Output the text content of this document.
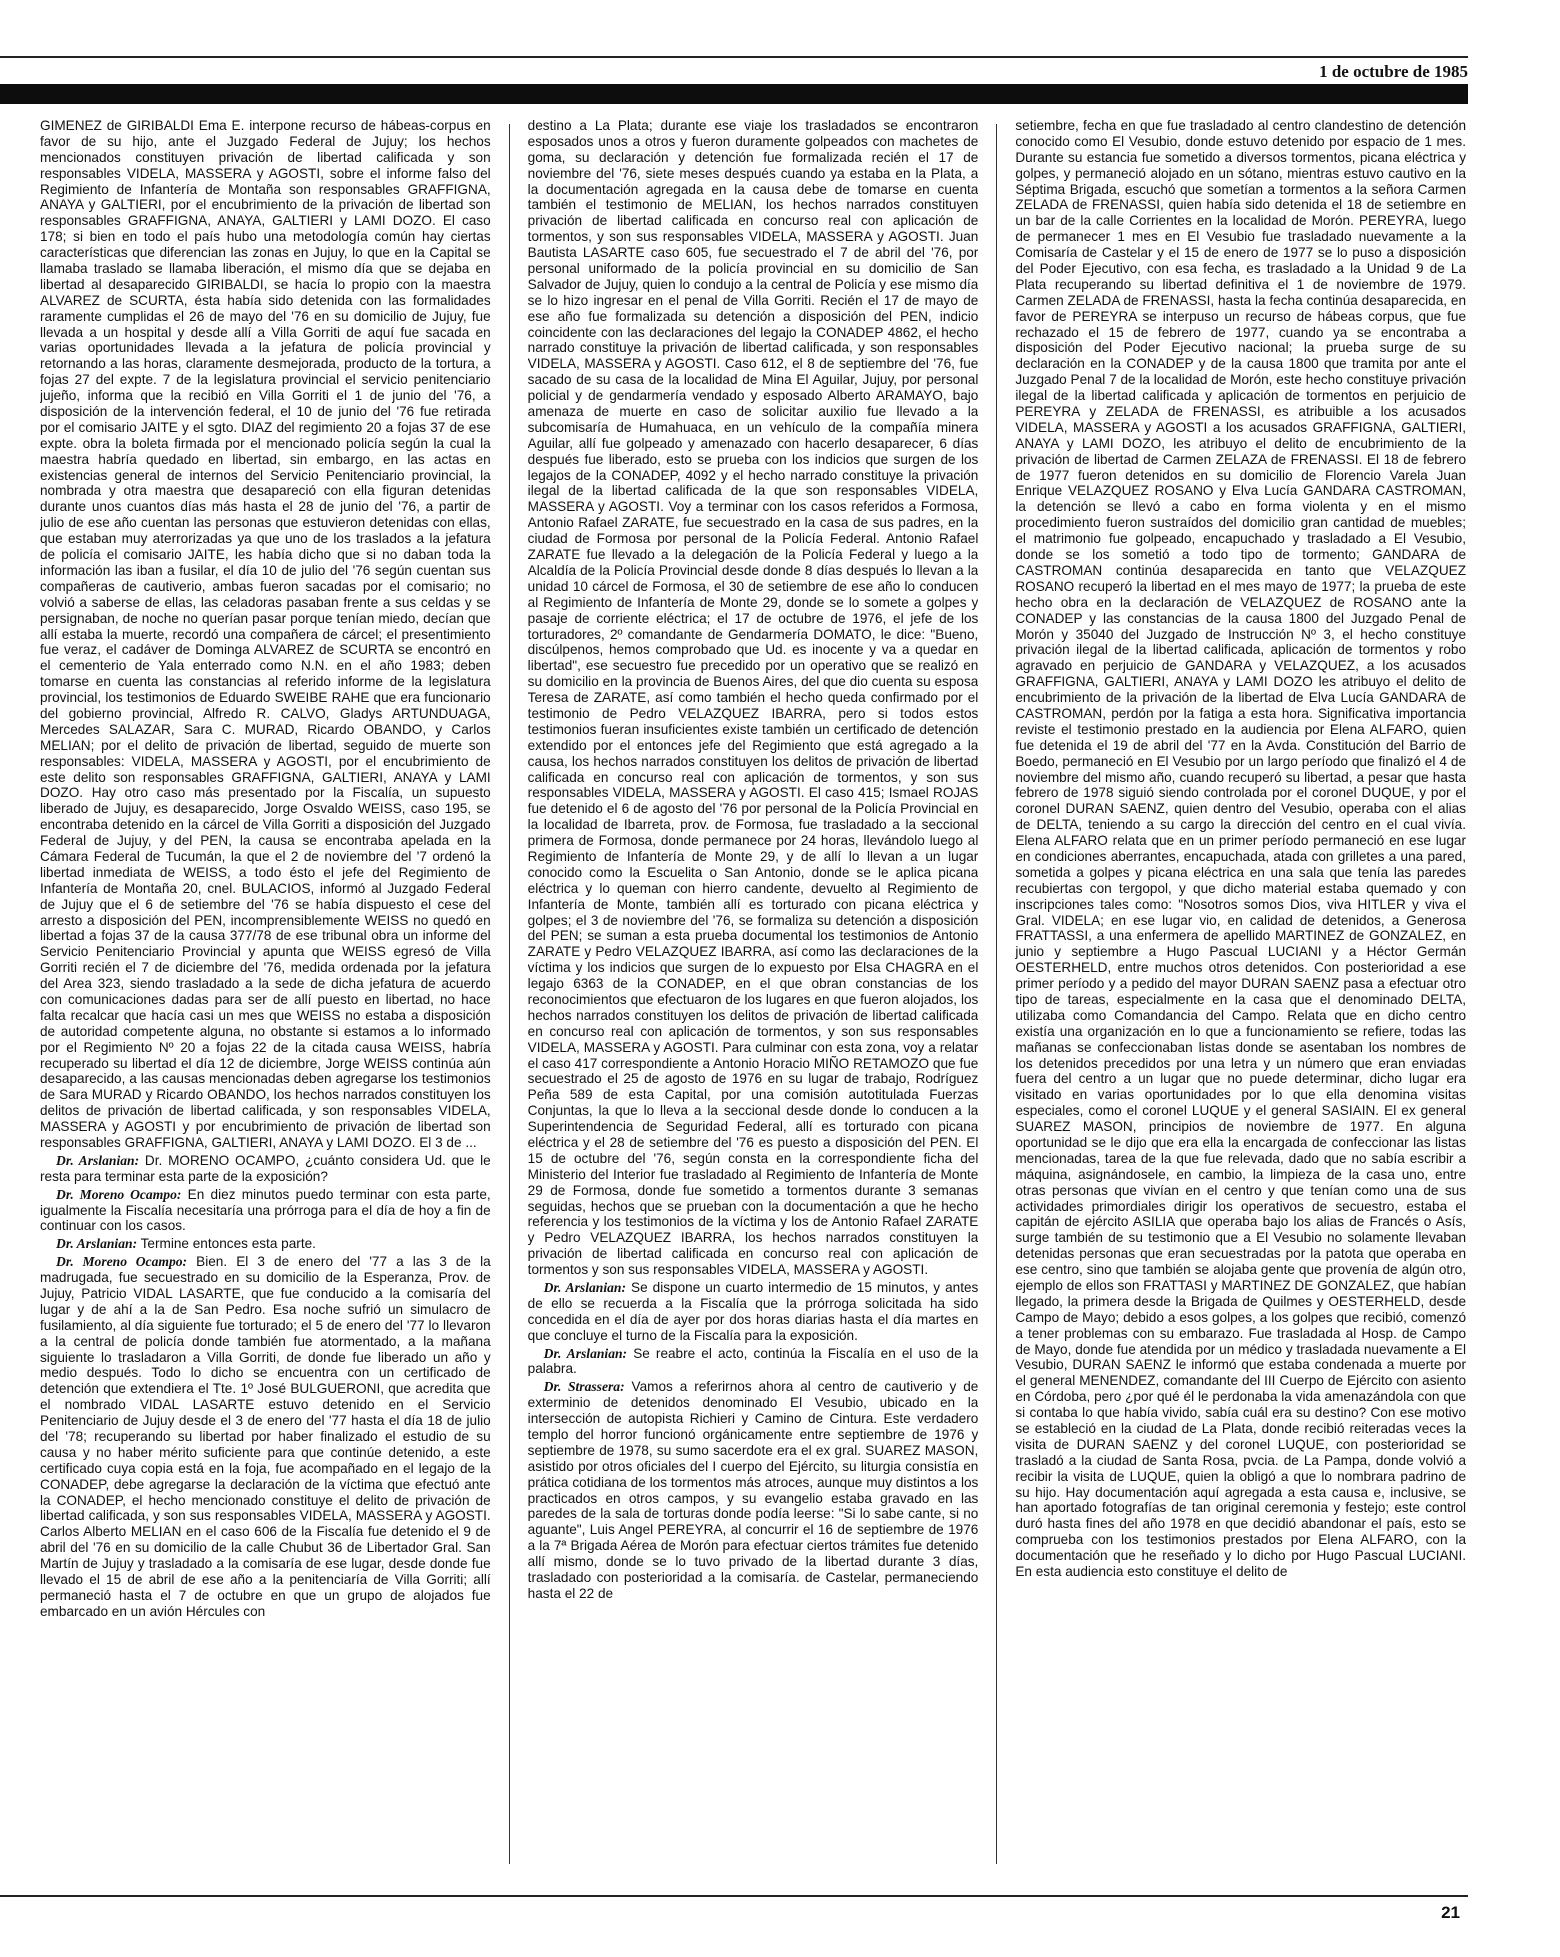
1 de octubre de 1985

GIMENEZ de GIRIBALDI Ema E. interpone recurso de hábeas-corpus en favor de su hijo, ante el Juzgado Federal de Jujuy; los hechos mencionados constituyen privación de libertad calificada y son responsables VIDELA, MASSERA y AGOSTI, sobre el informe falso del Regimiento de Infantería de Montaña son responsables GRAFFIGNA, ANAYA y GALTIERI, por el encubrimiento de la privación de libertad son responsables GRAFFIGNA, ANAYA, GALTIERI y LAMI DOZO. El caso 178; si bien en todo el país hubo una metodología común hay ciertas características que diferencian las zonas en Jujuy, lo que en la Capital se llamaba traslado se llamaba liberación, el mismo día que se dejaba en libertad al desaparecido GIRIBALDI, se hacía lo propio con la maestra ALVAREZ de SCURTA, ésta había sido detenida con las formalidades raramente cumplidas el 26 de mayo del '76 en su domicilio de Jujuy, fue llevada a un hospital y desde allí a Villa Gorriti de aquí fue sacada en varias oportunidades llevada a la jefatura de policía provincial y retornando a las horas, claramente desmejorada, producto de la tortura, a fojas 27 del expte. 7 de la legislatura provincial el servicio penitenciario jujeño, informa que la recibió en Villa Gorriti el 1 de junio del '76, a disposición de la intervención federal, el 10 de junio del '76 fue retirada por el comisario JAITE y el sgto. DIAZ del regimiento 20 a fojas 37 de ese expte. obra la boleta firmada por el mencionado policía según la cual la maestra habría quedado en libertad, sin embargo, en las actas en existencias general de internos del Servicio Penitenciario provincial, la nombrada y otra maestra que desapareció con ella figuran detenidas durante unos cuantos días más hasta el 28 de junio del '76, a partir de julio de ese año cuentan las personas que estuvieron detenidas con ellas, que estaban muy aterrorizadas ya que uno de los traslados a la jefatura de policía el comisario JAITE, les había dicho que si no daban toda la información las iban a fusilar, el día 10 de julio del '76 según cuentan sus compañeras de cautiverio, ambas fueron sacadas por el comisario; no volvió a saberse de ellas, las celadoras pasaban frente a sus celdas y se persignaban, de noche no querían pasar porque tenían miedo, decían que allí estaba la muerte, recordó una compañera de cárcel; el presentimiento fue veraz, el cadáver de Dominga ALVAREZ de SCURTA se encontró en el cementerio de Yala enterrado como N.N. en el año 1983; deben tomarse en cuenta las constancias al referido informe de la legislatura provincial, los testimonios de Eduardo SWEIBE RAHE que era funcionario del gobierno provincial, Alfredo R. CALVO, Gladys ARTUNDUAGA, Mercedes SALAZAR, Sara C. MURAD, Ricardo OBANDO, y Carlos MELIAN; por el delito de privación de libertad, seguido de muerte son responsables: VIDELA, MASSERA y AGOSTI, por el encubrimiento de este delito son responsables GRAFFIGNA, GALTIERI, ANAYA y LAMI DOZO. Hay otro caso más presentado por la Fiscalía, un supuesto liberado de Jujuy, es desaparecido, Jorge Osvaldo WEISS, caso 195, se encontraba detenido en la cárcel de Villa Gorriti a disposición del Juzgado Federal de Jujuy, y del PEN, la causa se encontraba apelada en la Cámara Federal de Tucumán, la que el 2 de noviembre del '7 ordenó la libertad inmediata de WEISS, a todo ésto el jefe del Regimiento de Infantería de Montaña 20, cnel. BULACIOS, informó al Juzgado Federal de Jujuy que el 6 de setiembre del '76 se había dispuesto el cese del arresto a disposición del PEN, incomprensiblemente WEISS no quedó en libertad a fojas 37 de la causa 377/78 de ese tribunal obra un informe del Servicio Penitenciario Provincial y apunta que WEISS egresó de Villa Gorriti recién el 7 de diciembre del '76, medida ordenada por la jefatura del Area 323, siendo trasladado a la sede de dicha jefatura de acuerdo con comunicaciones dadas para ser de allí puesto en libertad, no hace falta recalcar que hacía casi un mes que WEISS no estaba a disposición de autoridad competente alguna, no obstante si estamos a lo informado por el Regimiento Nº 20 a fojas 22 de la citada causa WEISS, habría recuperado su libertad el día 12 de diciembre, Jorge WEISS continúa aún desaparecido, a las causas mencionadas deben agregarse los testimonios de Sara MURAD y Ricardo OBANDO, los hechos narrados constituyen los delitos de privación de libertad calificada, y son responsables VIDELA, MASSERA y AGOSTI y por encubrimiento de privación de libertad son responsables GRAFFIGNA, GALTIERI, ANAYA y LAMI DOZO. El 3 de ...

Dr. Arslanian: Dr. MORENO OCAMPO, ¿cuánto considera Ud. que le resta para terminar esta parte de la exposición?

Dr. Moreno Ocampo: En diez minutos puedo terminar con esta parte, igualmente la Fiscalía necesitaría una prórroga para el día de hoy a fin de continuar con los casos.

Dr. Arslanian: Termine entonces esta parte.

Dr. Moreno Ocampo: Bien. El 3 de enero del '77 a las 3 de la madrugada, fue secuestrado en su domicilio de la Esperanza, Prov. de Jujuy, Patricio VIDAL LASARTE, que fue conducido a la comisaría del lugar y de ahí a la de San Pedro. Esa noche sufrió un simulacro de fusilamiento, al día siguiente fue torturado; el 5 de enero del '77 lo llevaron a la central de policía donde también fue atormentado, a la mañana siguiente lo trasladaron a Villa Gorriti, de donde fue liberado un año y medio después. Todo lo dicho se encuentra con un certificado de detención que extendiera el Tte. 1º José BULGUERONI, que acredita que el nombrado VIDAL LASARTE estuvo detenido en el Servicio Penitenciario de Jujuy desde el 3 de enero del '77 hasta el día 18 de julio del '78; recuperando su libertad por haber finalizado el estudio de su causa y no haber mérito suficiente para que continúe detenido, a este certificado cuya copia está en la foja, fue acompañado en el legajo de la CONADEP, debe agregarse la declaración de la víctima que efectuó ante la CONADEP, el hecho mencionado constituye el delito de privación de libertad calificada, y son sus responsables VIDELA, MASSERA y AGOSTI. Carlos Alberto MELIAN en el caso 606 de la Fiscalía fue detenido el 9 de abril del '76 en su domicilio de la calle Chubut 36 de Libertador Gral. San Martín de Jujuy y trasladado a la comisaría de ese lugar, desde donde fue llevado el 15 de abril de ese año a la penitenciaría de Villa Gorriti; allí permaneció hasta el 7 de octubre en que un grupo de alojados fue embarcado en un avión Hércules con

destino a La Plata; durante ese viaje los trasladados se encontraron esposados unos a otros y fueron duramente golpeados con machetes de goma, su declaración y detención fue formalizada recién el 17 de noviembre del '76, siete meses después cuando ya estaba en la Plata, a la documentación agregada en la causa debe de tomarse en cuenta también el testimonio de MELIAN, los hechos narrados constituyen privación de libertad calificada en concurso real con aplicación de tormentos, y son sus responsables VIDELA, MASSERA y AGOSTI. Juan Bautista LASARTE caso 605, fue secuestrado el 7 de abril del '76, por personal uniformado de la policía provincial en su domicilio de San Salvador de Jujuy, quien lo condujo a la central de Policía y ese mismo día se lo hizo ingresar en el penal de Villa Gorriti. Recién el 17 de mayo de ese año fue formalizada su detención a disposición del PEN, indicio coincidente con las declaraciones del legajo la CONADEP 4862, el hecho narrado constituye la privación de libertad calificada, y son responsables VIDELA, MASSERA y AGOSTI. Caso 612, el 8 de septiembre del '76, fue sacado de su casa de la localidad de Mina El Aguilar, Jujuy, por personal policial y de gendarmería vendado y esposado Alberto ARAMAYO, bajo amenaza de muerte en caso de solicitar auxilio fue llevado a la subcomisaría de Humahuaca, en un vehículo de la compañía minera Aguilar, allí fue golpeado y amenazado con hacerlo desaparecer, 6 días después fue liberado, esto se prueba con los indicios que surgen de los legajos de la CONADEP, 4092 y el hecho narrado constituye la privación ilegal de la libertad calificada de la que son responsables VIDELA, MASSERA y AGOSTI. Voy a terminar con los casos referidos a Formosa, Antonio Rafael ZARATE, fue secuestrado en la casa de sus padres, en la ciudad de Formosa por personal de la Policía Federal. Antonio Rafael ZARATE fue llevado a la delegación de la Policía Federal y luego a la Alcaldía de la Policía Provincial desde donde 8 días después lo llevan a la unidad 10 cárcel de Formosa, el 30 de setiembre de ese año lo conducen al Regimiento de Infantería de Monte 29, donde se lo somete a golpes y pasaje de corriente eléctrica; el 17 de octubre de 1976, el jefe de los torturadores, 2º comandante de Gendarmería DOMATO, le dice: "Bueno, discúlpenos, hemos comprobado que Ud. es inocente y va a quedar en libertad", ese secuestro fue precedido por un operativo que se realizó en su domicilio en la provincia de Buenos Aires, del que dio cuenta su esposa Teresa de ZARATE, así como también el hecho queda confirmado por el testimonio de Pedro VELAZQUEZ IBARRA, pero si todos estos testimonios fueran insuficientes existe también un certificado de detención extendido por el entonces jefe del Regimiento que está agregado a la causa, los hechos narrados constituyen los delitos de privación de libertad calificada en concurso real con aplicación de tormentos, y son sus responsables VIDELA, MASSERA y AGOSTI. El caso 415; Ismael ROJAS fue detenido el 6 de agosto del '76 por personal de la Policía Provincial en la localidad de Ibarreta, prov. de Formosa, fue trasladado a la seccional primera de Formosa, donde permanece por 24 horas, llevándolo luego al Regimiento de Infantería de Monte 29, y de allí lo llevan a un lugar conocido como la Escuelita o San Antonio, donde se le aplica picana eléctrica y lo queman con hierro candente, devuelto al Regimiento de Infantería de Monte, también allí es torturado con picana eléctrica y golpes; el 3 de noviembre del '76, se formaliza su detención a disposición del PEN; se suman a esta prueba documental los testimonios de Antonio ZARATE y Pedro VELAZQUEZ IBARRA, así como las declaraciones de la víctima y los indicios que surgen de lo expuesto por Elsa CHAGRA en el legajo 6363 de la CONADEP, en el que obran constancias de los reconocimientos que efectuaron de los lugares en que fueron alojados, los hechos narrados constituyen los delitos de privación de libertad calificada en concurso real con aplicación de tormentos, y son sus responsables VIDELA, MASSERA y AGOSTI. Para culminar con esta zona, voy a relatar el caso 417 correspondiente a Antonio Horacio MIÑO RETAMOZO que fue secuestrado el 25 de agosto de 1976 en su lugar de trabajo, Rodríguez Peña 589 de esta Capital, por una comisión autotitulada Fuerzas Conjuntas, la que lo lleva a la seccional desde donde lo conducen a la Superintendencia de Seguridad Federal, allí es torturado con picana eléctrica y el 28 de setiembre del '76 es puesto a disposición del PEN. El 15 de octubre del '76, según consta en la correspondiente ficha del Ministerio del Interior fue trasladado al Regimiento de Infantería de Monte 29 de Formosa, donde fue sometido a tormentos durante 3 semanas seguidas, hechos que se prueban con la documentación a que he hecho referencia y los testimonios de la víctima y los de Antonio Rafael ZARATE y Pedro VELAZQUEZ IBARRA, los hechos narrados constituyen la privación de libertad calificada en concurso real con aplicación de tormentos y son sus responsables VIDELA, MASSERA y AGOSTI.

Dr. Arslanian: Se dispone un cuarto intermedio de 15 minutos, y antes de ello se recuerda a la Fiscalía que la prórroga solicitada ha sido concedida en el día de ayer por dos horas diarias hasta el día martes en que concluye el turno de la Fiscalía para la exposición.

Dr. Arslanian: Se reabre el acto, continúa la Fiscalía en el uso de la palabra.

Dr. Strassera: Vamos a referirnos ahora al centro de cautiverio y de exterminio de detenidos denominado El Vesubio, ubicado en la intersección de autopista Richieri y Camino de Cintura. Este verdadero templo del horror funcionó orgánicamente entre septiembre de 1976 y septiembre de 1978, su sumo sacerdote era el ex gral. SUAREZ MASON, asistido por otros oficiales del I cuerpo del Ejército, su liturgia consistía en prática cotidiana de los tormentos más atroces, aunque muy distintos a los practicados en otros campos, y su evangelio estaba gravado en las paredes de la sala de torturas donde podía leerse: "Si lo sabe cante, si no aguante", Luis Angel PEREYRA, al concurrir el 16 de septiembre de 1976 a la 7ª Brigada Aérea de Morón para efectuar ciertos trámites fue detenido allí mismo, donde se lo tuvo privado de la libertad durante 3 días, trasladado con posterioridad a la comisaría. de Castelar, permaneciendo hasta el 22 de

setiembre, fecha en que fue trasladado al centro clandestino de detención conocido como El Vesubio, donde estuvo detenido por espacio de 1 mes. Durante su estancia fue sometido a diversos tormentos, picana eléctrica y golpes, y permaneció alojado en un sótano, mientras estuvo cautivo en la Séptima Brigada, escuchó que sometían a tormentos a la señora Carmen ZELADA de FRENASSI, quien había sido detenida el 18 de setiembre en un bar de la calle Corrientes en la localidad de Morón. PEREYRA, luego de permanecer 1 mes en El Vesubio fue trasladado nuevamente a la Comisaría de Castelar y el 15 de enero de 1977 se lo puso a disposición del Poder Ejecutivo, con esa fecha, es trasladado a la Unidad 9 de La Plata recuperando su libertad definitiva el 1 de noviembre de 1979. Carmen ZELADA de FRENASSI, hasta la fecha continúa desaparecida, en favor de PEREYRA se interpuso un recurso de hábeas corpus, que fue rechazado el 15 de febrero de 1977, cuando ya se encontraba a disposición del Poder Ejecutivo nacional; la prueba surge de su declaración en la CONADEP y de la causa 1800 que tramita por ante el Juzgado Penal 7 de la localidad de Morón, este hecho constituye privación ilegal de la libertad calificada y aplicación de tormentos en perjuicio de PEREYRA y ZELADA de FRENASSI, es atribuible a los acusados VIDELA, MASSERA y AGOSTI a los acusados GRAFFIGNA, GALTIERI, ANAYA y LAMI DOZO, les atribuyo el delito de encubrimiento de la privación de libertad de Carmen ZELAZA de FRENASSI. El 18 de febrero de 1977 fueron detenidos en su domicilio de Florencio Varela Juan Enrique VELAZQUEZ ROSANO y Elva Lucía GANDARA CASTROMAN, la detención se llevó a cabo en forma violenta y en el mismo procedimiento fueron sustraídos del domicilio gran cantidad de muebles; el matrimonio fue golpeado, encapuchado y trasladado a El Vesubio, donde se los sometió a todo tipo de tormento; GANDARA de CASTROMAN continúa desaparecida en tanto que VELAZQUEZ ROSANO recuperó la libertad en el mes mayo de 1977; la prueba de este hecho obra en la declaración de VELAZQUEZ de ROSANO ante la CONADEP y las constancias de la causa 1800 del Juzgado Penal de Morón y 35040 del Juzgado de Instrucción Nº 3, el hecho constituye privación ilegal de la libertad calificada, aplicación de tormentos y robo agravado en perjuicio de GANDARA y VELAZQUEZ, a los acusados GRAFFIGNA, GALTIERI, ANAYA y LAMI DOZO les atribuyo el delito de encubrimiento de la privación de la libertad de Elva Lucía GANDARA de CASTROMAN, perdón por la fatiga a esta hora. Significativa importancia reviste el testimonio prestado en la audiencia por Elena ALFARO, quien fue detenida el 19 de abril del '77 en la Avda. Constitución del Barrio de Boedo, permaneció en El Vesubio por un largo período que finalizó el 4 de noviembre del mismo año, cuando recuperó su libertad, a pesar que hasta febrero de 1978 siguió siendo controlada por el coronel DUQUE, y por el coronel DURAN SAENZ, quien dentro del Vesubio, operaba con el alias de DELTA, teniendo a su cargo la dirección del centro en el cual vivía. Elena ALFARO relata que en un primer período permaneció en ese lugar en condiciones aberrantes, encapuchada, atada con grilletes a una pared, sometida a golpes y picana eléctrica en una sala que tenía las paredes recubiertas con tergopol, y que dicho material estaba quemado y con inscripciones tales como: "Nosotros somos Dios, viva HITLER y viva el Gral. VIDELA; en ese lugar vio, en calidad de detenidos, a Generosa FRATTASSI, a una enfermera de apellido MARTINEZ de GONZALEZ, en junio y septiembre a Hugo Pascual LUCIANI y a Héctor Germán OESTERHELD, entre muchos otros detenidos. Con posterioridad a ese primer período y a pedido del mayor DURAN SAENZ pasa a efectuar otro tipo de tareas, especialmente en la casa que el denominado DELTA, utilizaba como Comandancia del Campo. Relata que en dicho centro existía una organización en lo que a funcionamiento se refiere, todas las mañanas se confeccionaban listas donde se asentaban los nombres de los detenidos precedidos por una letra y un número que eran enviadas fuera del centro a un lugar que no puede determinar, dicho lugar era visitado en varias oportunidades por lo que ella denomina visitas especiales, como el coronel LUQUE y el general SASIAIN. El ex general SUAREZ MASON, principios de noviembre de 1977. En alguna oportunidad se le dijo que era ella la encargada de confeccionar las listas mencionadas, tarea de la que fue relevada, dado que no sabía escribir a máquina, asignándosele, en cambio, la limpieza de la casa uno, entre otras personas que vivían en el centro y que tenían como una de sus actividades primordiales dirigir los operativos de secuestro, estaba el capitán de ejército ASILIA que operaba bajo los alias de Francés o Asís, surge también de su testimonio que a El Vesubio no solamente llevaban detenidas personas que eran secuestradas por la patota que operaba en ese centro, sino que también se alojaba gente que provenía de algún otro, ejemplo de ellos son FRATTASI y MARTINEZ DE GONZALEZ, que habían llegado, la primera desde la Brigada de Quilmes y OESTERHELD, desde Campo de Mayo; debido a esos golpes, a los golpes que recibió, comenzó a tener problemas con su embarazo. Fue trasladada al Hosp. de Campo de Mayo, donde fue atendida por un médico y trasladada nuevamente a El Vesubio, DURAN SAENZ le informó que estaba condenada a muerte por el general MENENDEZ, comandante del III Cuerpo de Ejército con asiento en Córdoba, pero ¿por qué él le perdonaba la vida amenazándola con que si contaba lo que había vivido, sabía cuál era su destino? Con ese motivo se estableció en la ciudad de La Plata, donde recibió reiteradas veces la visita de DURAN SAENZ y del coronel LUQUE, con posterioridad se trasladó a la ciudad de Santa Rosa, pvcia. de La Pampa, donde volvió a recibir la visita de LUQUE, quien la obligó a que lo nombrara padrino de su hijo. Hay documentación aquí agregada a esta causa e, inclusive, se han aportado fotografías de tan original ceremonia y festejo; este control duró hasta fines del año 1978 en que decidió abandonar el país, esto se comprueba con los testimonios prestados por Elena ALFARO, con la documentación que he reseñado y lo dicho por Hugo Pascual LUCIANI. En esta audiencia esto constituye el delito de

21
